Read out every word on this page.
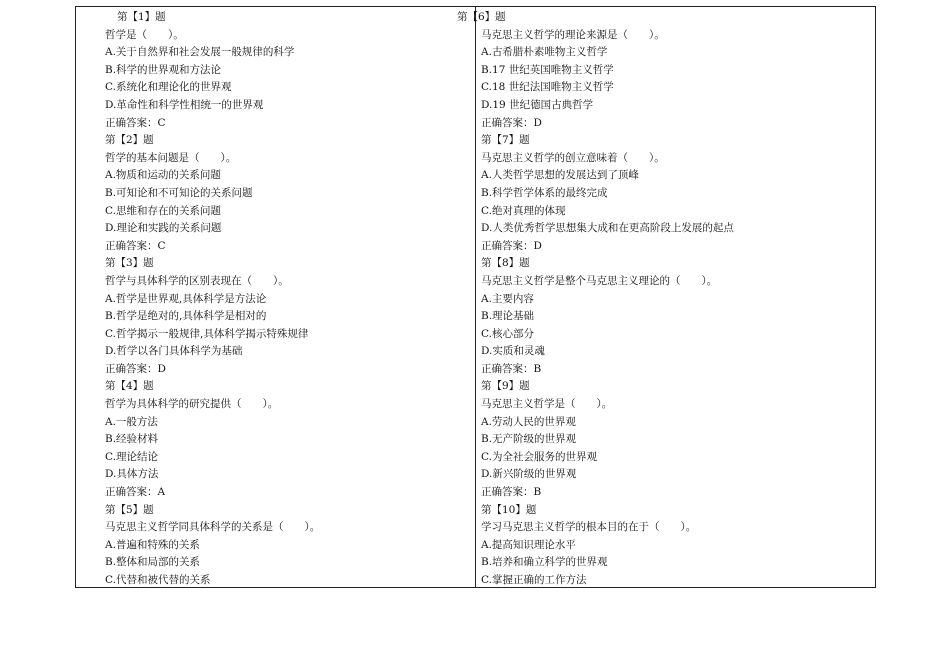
第【1】题
哲学是（　　）。
A.关于自然界和社会发展一般规律的科学
B.科学的世界观和方法论
C.系统化和理论化的世界观
D.革命性和科学性相统一的世界观
正确答案：C
第【2】题
哲学的基本问题是（　　）。
A.物质和运动的关系问题
B.可知论和不可知论的关系问题
C.思维和存在的关系问题
D.理论和实践的关系问题
正确答案：C
第【3】题
哲学与具体科学的区别表现在（　　）。
A.哲学是世界观,具体科学是方法论
B.哲学是绝对的,具体科学是相对的
C.哲学揭示一般规律,具体科学揭示特殊规律
D.哲学以各门具体科学为基础
正确答案：D
第【4】题
哲学为具体科学的研究提供（　　）。
A.一般方法
B.经验材料
C.理论结论
D.具体方法
正确答案：A
第【5】题
马克思主义哲学同具体科学的关系是（　　）。
A.普遍和特殊的关系
B.整体和局部的关系
C.代替和被代替的关系
第【6】题
马克思主义哲学的理论来源是（　　）。
A.古希腊朴素唯物主义哲学
B.17 世纪英国唯物主义哲学
C.18 世纪法国唯物主义哲学
D.19 世纪德国古典哲学
正确答案：D
第【7】题
马克思主义哲学的创立意味着（　　）。
A.人类哲学思想的发展达到了顶峰
B.科学哲学体系的最终完成
C.绝对真理的体现
D.人类优秀哲学思想集大成和在更高阶段上发展的起点
正确答案：D
第【8】题
马克思主义哲学是整个马克思主义理论的（　　）。
A.主要内容
B.理论基础
C.核心部分
D.实质和灵魂
正确答案：B
第【9】题
马克思主义哲学是（　　）。
A.劳动人民的世界观
B.无产阶级的世界观
C.为全社会服务的世界观
D.新兴阶级的世界观
正确答案：B
第【10】题
学习马克思主义哲学的根本目的在于（　　）。
A.提高知识理论水平
B.培养和确立科学的世界观
C.掌握正确的工作方法
